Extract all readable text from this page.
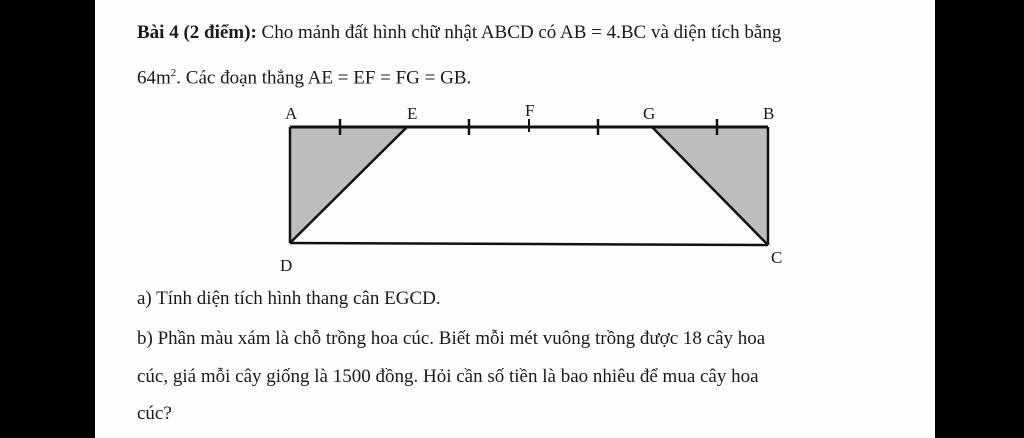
Bài 4 (2 điểm): Cho mảnh đất hình chữ nhật ABCD có AB = 4.BC và diện tích bằng
$64m^2$. Các đoạn thẳng AE = EF = FG = GB.
A	E	F	G	B
C
D
a) Tính diện tích hình thang cân EGCD.
b) Phần màu xám là chỗ trồng hoa cúc. Biết mỗi mét vuông trồng được 18 cây hoa
cúc, giá mỗi cây giống là 1500 đồng. Hỏi cần số tiền là bao nhiêu để mua cây hoa
cúc?
